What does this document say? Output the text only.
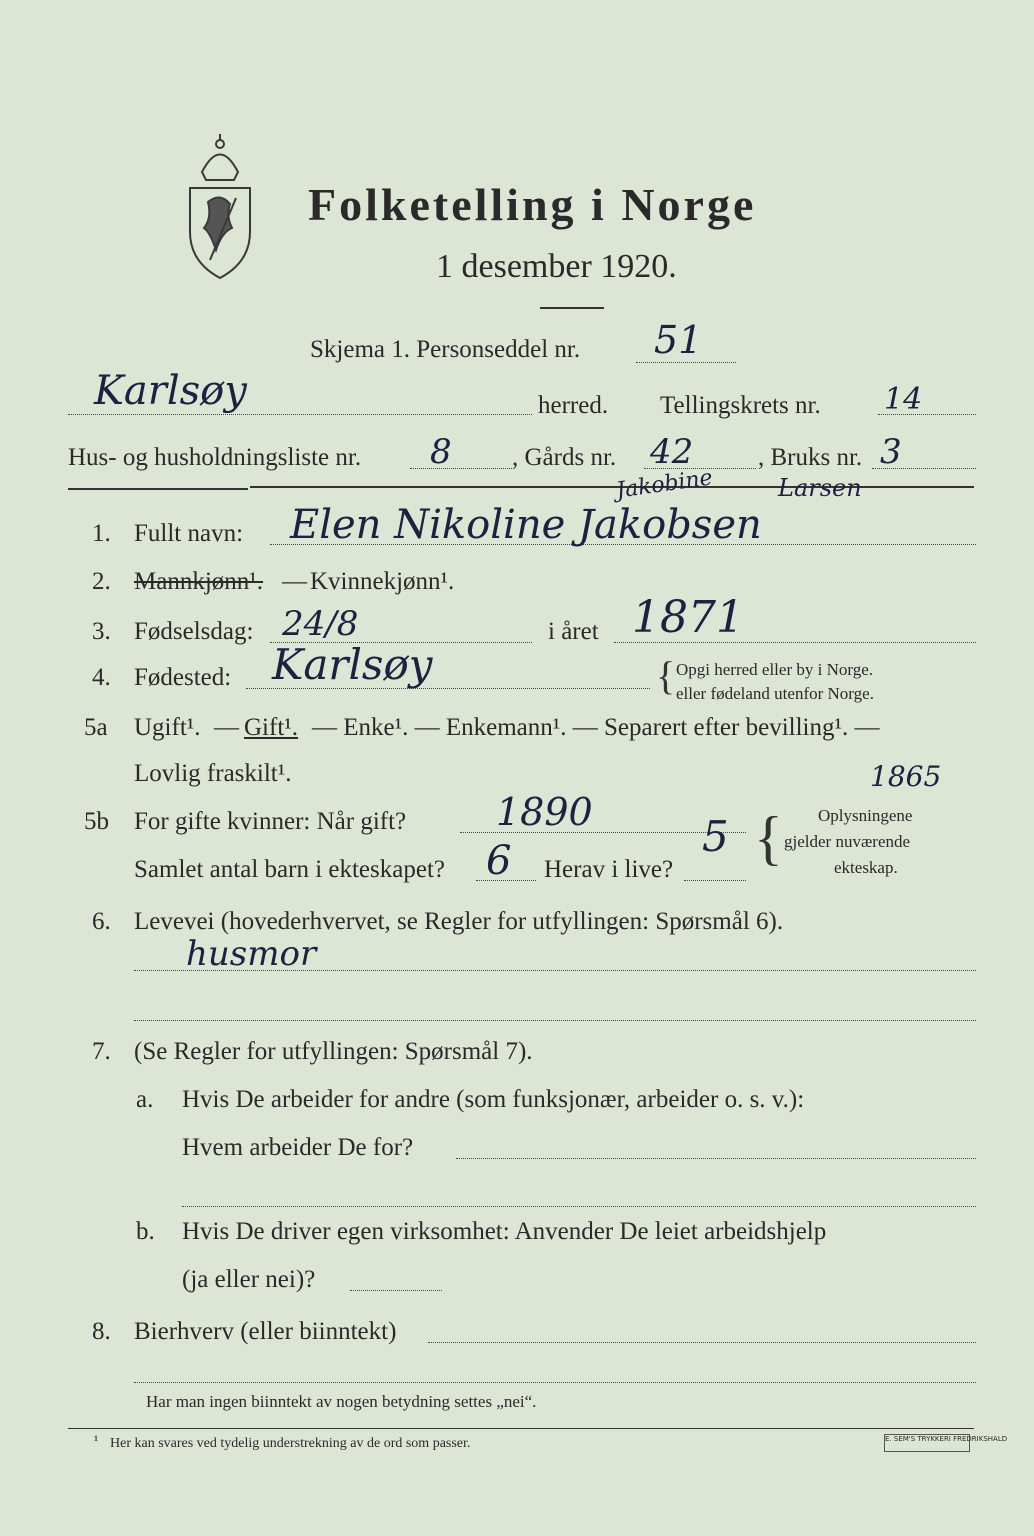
Folketelling i Norge
1 desember 1920.
Skjema 1. Personseddel nr. 51
Karlsøy	herred. Tellingskrets nr. 14
Hus- og husholdningsliste nr. 8 , Gårds nr. 42	, Bruks nr. 3
1. Fullt navn:
Jakobine	Larsen
Elen Nikoline Jakobsen
2. Mannkjønn¹. — Kvinnekjønn¹.
3. Fødselsdag: 24/8	i året 1871
4. Fødested: Karlsøy	{ Opgi herred eller by i Norge.
eller fødeland utenfor Norge.
5a Ugift¹. — Gift¹. — Enke¹. — Enkemann¹. — Separert efter bevilling¹. —
Lovlig fraskilt¹.
5b For gifte kvinner: Når gift? 1890
1865
Samlet antal barn i ekteskapet? 6 Herav i live?
5 { Oplysningene
gjelder nuværende
ekteskap.
6. Levevei (hovederhvervet, se Regler for utfyllingen: Spørsmål 6).
husmor
7. (Se Regler for utfyllingen: Spørsmål 7).
a. Hvis De arbeider for andre (som funksjonær, arbeider o. s. v.):
Hvem arbeider De for?
b. Hvis De driver egen virksomhet: Anvender De leiet arbeidshjelp
(ja eller nei)?
8. Bierhverv (eller biinntekt)
Har man ingen biinntekt av nogen betydning settes „nei“.
¹ Her kan svares ved tydelig understrekning av de ord som passer.	E. SEM'S TRYKKERI FREDRIKSHALD
